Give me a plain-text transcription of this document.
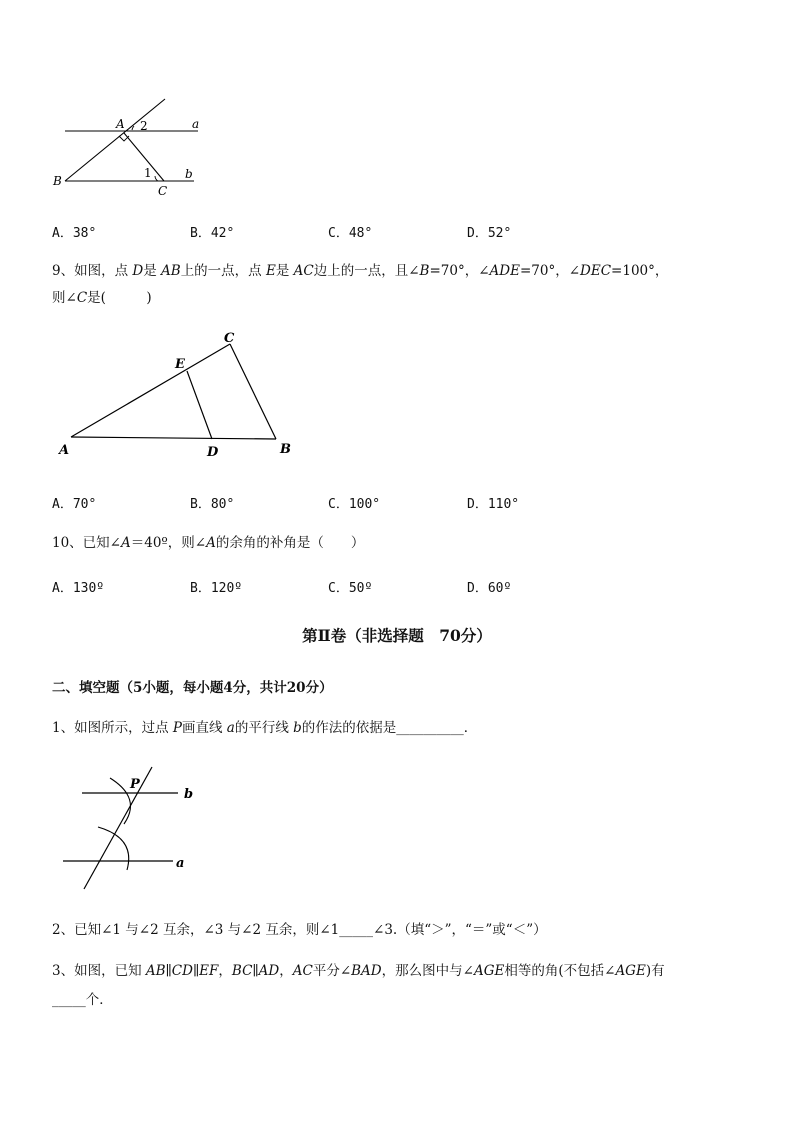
A 2	a
B
1	b
C
A．38°	B．42°	C．48°	D．52°
9、如图，点 D是 AB上的一点，点 E是 AC边上的一点，且∠B=70°，∠ADE=70°，∠DEC=100°，
则∠C是(　　　)
A	D	B
C
E
A．70°	B．80°	C．100°	D．110°
10、已知∠A＝40º，则∠A的余角的补角是（　　）
A．130º	B．120º	C．50º	D．60º
第Ⅱ卷（非选择题　70分）
二、填空题（5小题，每小题4分，共计20分）
1、如图所示，过点 P画直线 a的平行线 b的作法的依据是__________．
P
b
a
2、已知∠1 与∠2 互余，∠3 与∠2 互余，则∠1_____∠3.（填“＞”，“＝”或“＜”）
3、如图，已知 AB∥CD∥EF，BC∥AD，AC平分∠BAD，那么图中与∠AGE相等的角(不包括∠AGE)有
_____个．
